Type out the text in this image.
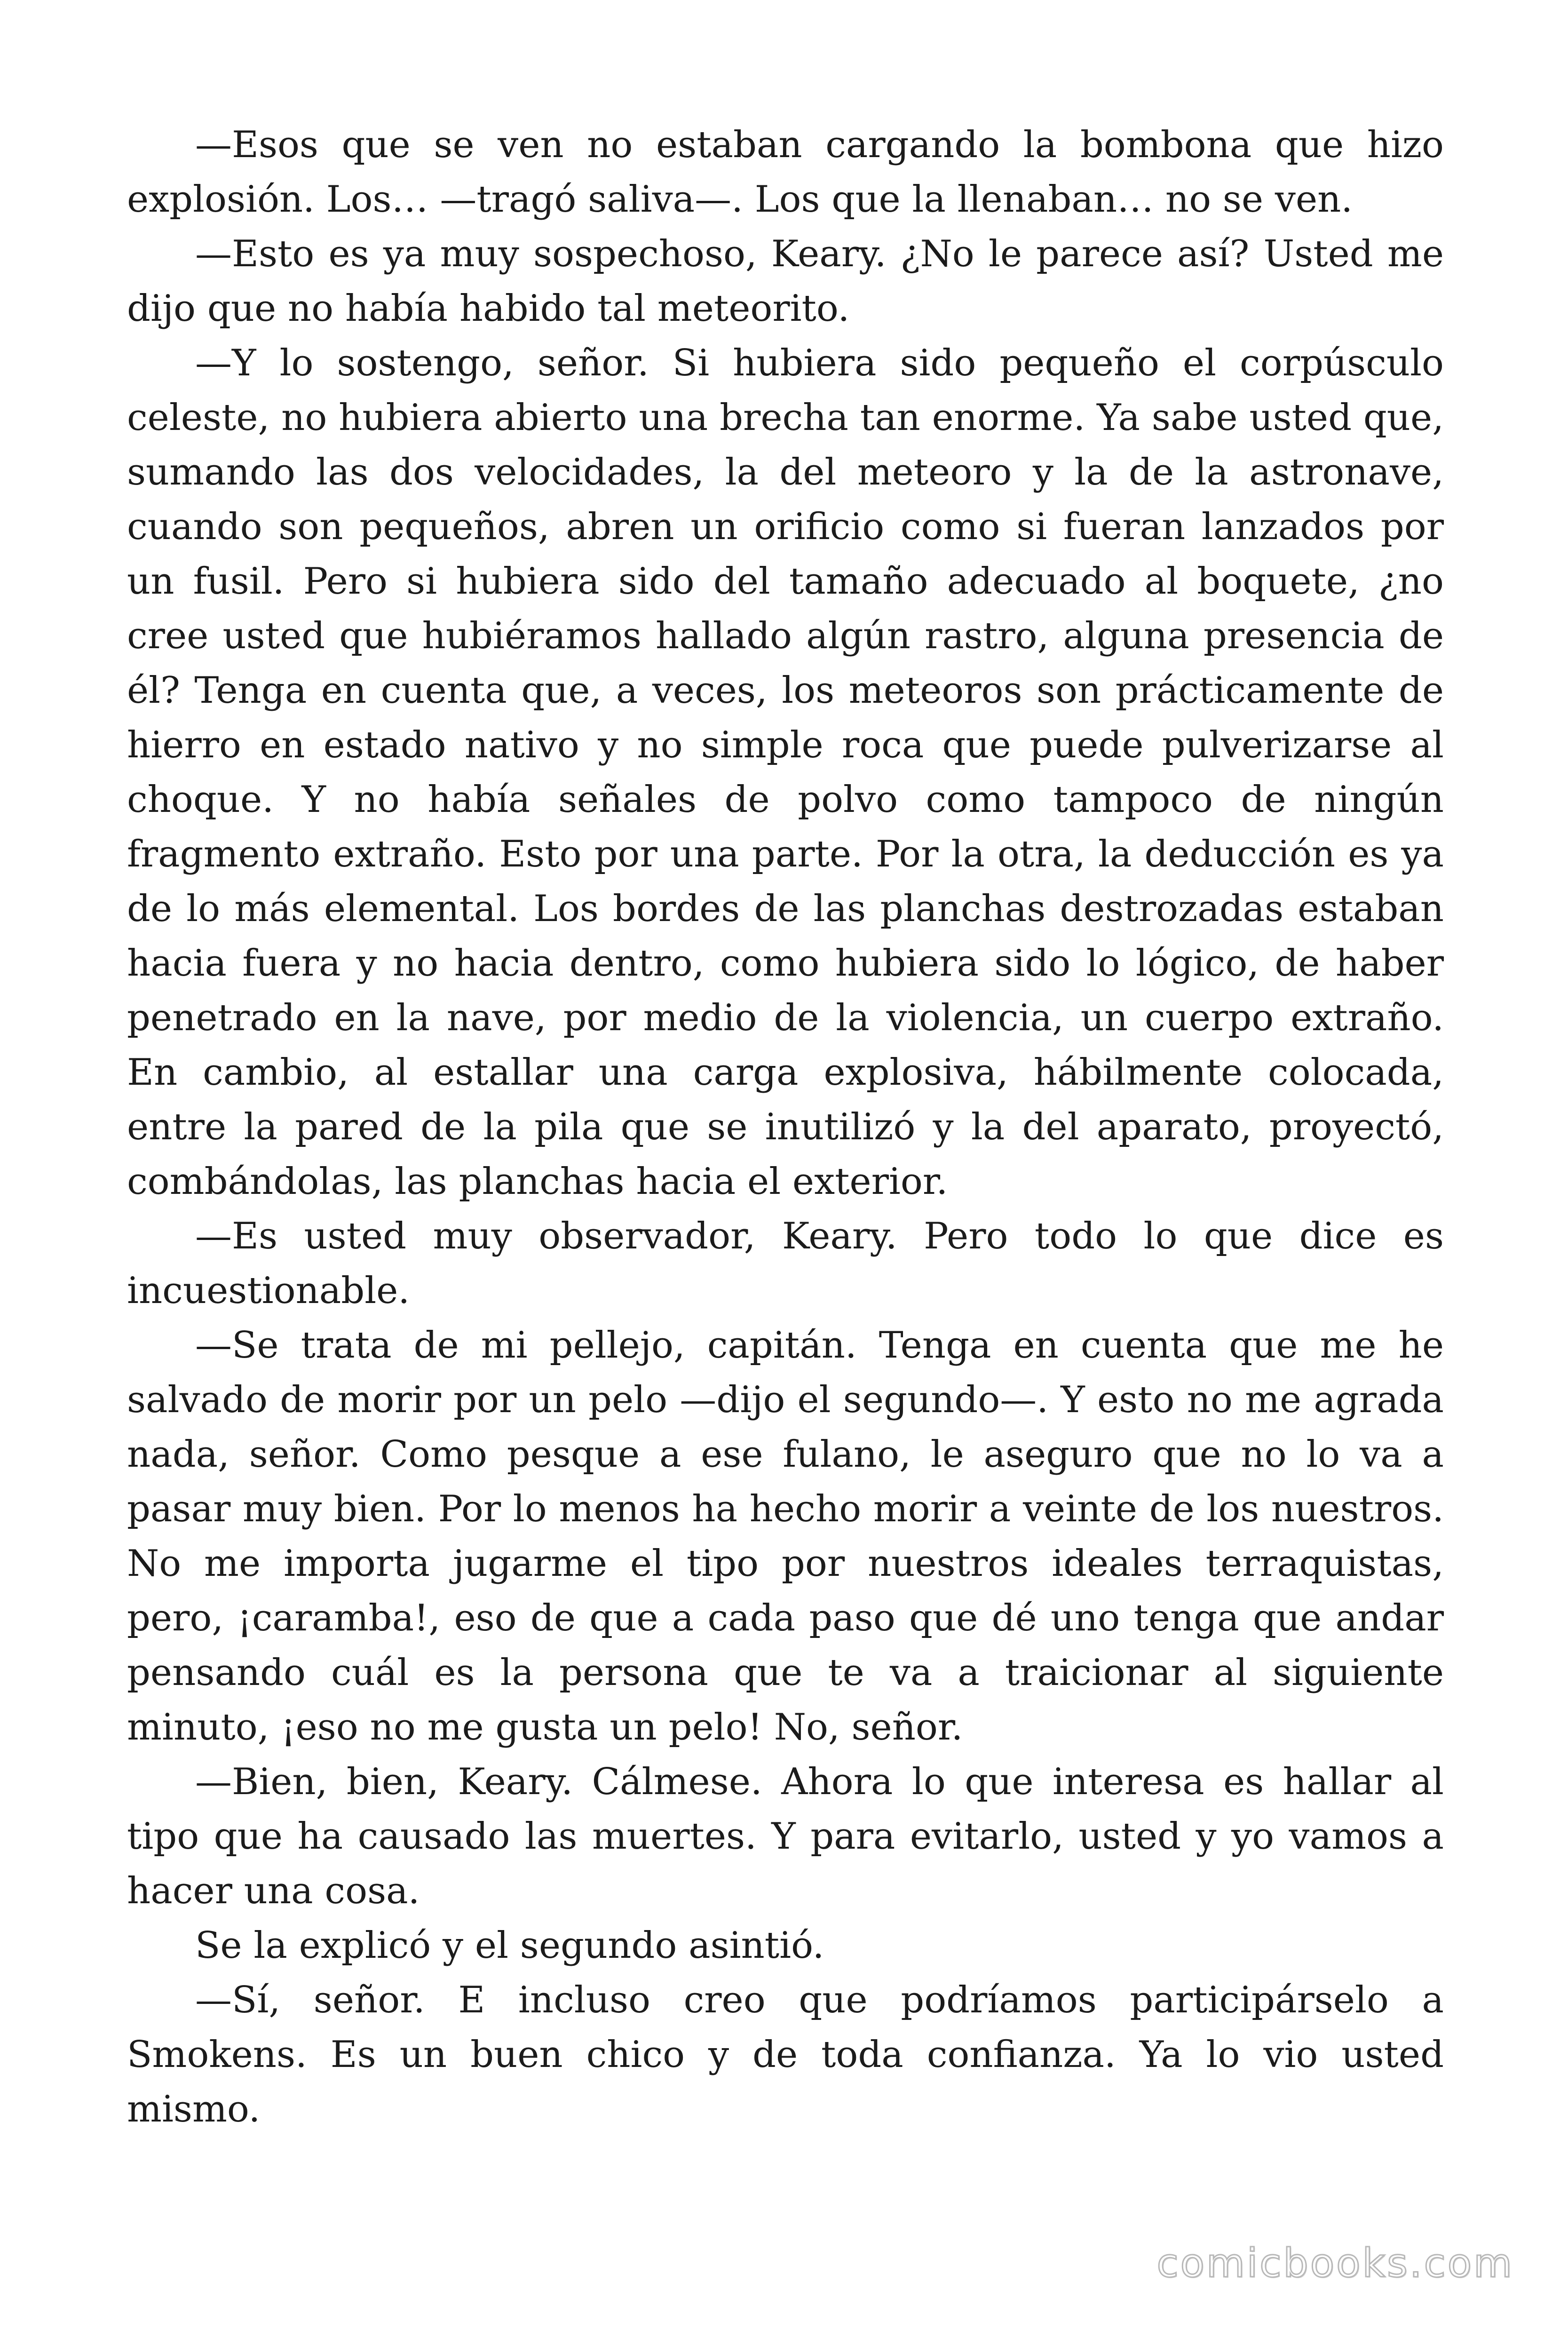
—Esos que se ven no estaban cargando la bombona que hizo explosión. Los… —tragó saliva—. Los que la llenaban… no se ven.

—Esto es ya muy sospechoso, Keary. ¿No le parece así? Usted me dijo que no había habido tal meteorito.

—Y lo sostengo, señor. Si hubiera sido pequeño el corpúsculo celeste, no hubiera abierto una brecha tan enorme. Ya sabe usted que, sumando las dos velocidades, la del meteoro y la de la astronave, cuando son pequeños, abren un orificio como si fueran lanzados por un fusil. Pero si hubiera sido del tamaño adecuado al boquete, ¿no cree usted que hubiéramos hallado algún rastro, alguna presencia de él? Tenga en cuenta que, a veces, los meteoros son prácticamente de hierro en estado nativo y no simple roca que puede pulverizarse al choque. Y no había señales de polvo como tampoco de ningún fragmento extraño. Esto por una parte. Por la otra, la deducción es ya de lo más elemental. Los bordes de las planchas destrozadas estaban hacia fuera y no hacia dentro, como hubiera sido lo lógico, de haber penetrado en la nave, por medio de la violencia, un cuerpo extraño. En cambio, al estallar una carga explosiva, hábilmente colocada, entre la pared de la pila que se inutilizó y la del aparato, proyectó, combándolas, las planchas hacia el exterior.

—Es usted muy observador, Keary. Pero todo lo que dice es incuestionable.

—Se trata de mi pellejo, capitán. Tenga en cuenta que me he salvado de morir por un pelo —dijo el segundo—. Y esto no me agrada nada, señor. Como pesque a ese fulano, le aseguro que no lo va a pasar muy bien. Por lo menos ha hecho morir a veinte de los nuestros. No me importa jugarme el tipo por nuestros ideales terraquistas, pero, ¡caramba!, eso de que a cada paso que dé uno tenga que andar pensando cuál es la persona que te va a traicionar al siguiente minuto, ¡eso no me gusta un pelo! No, señor.

—Bien, bien, Keary. Cálmese. Ahora lo que interesa es hallar al tipo que ha causado las muertes. Y para evitarlo, usted y yo vamos a hacer una cosa.

Se la explicó y el segundo asintió.

—Sí, señor. E incluso creo que podríamos participárselo a Smokens. Es un buen chico y de toda confianza. Ya lo vio usted mismo.

comicbooks.com
